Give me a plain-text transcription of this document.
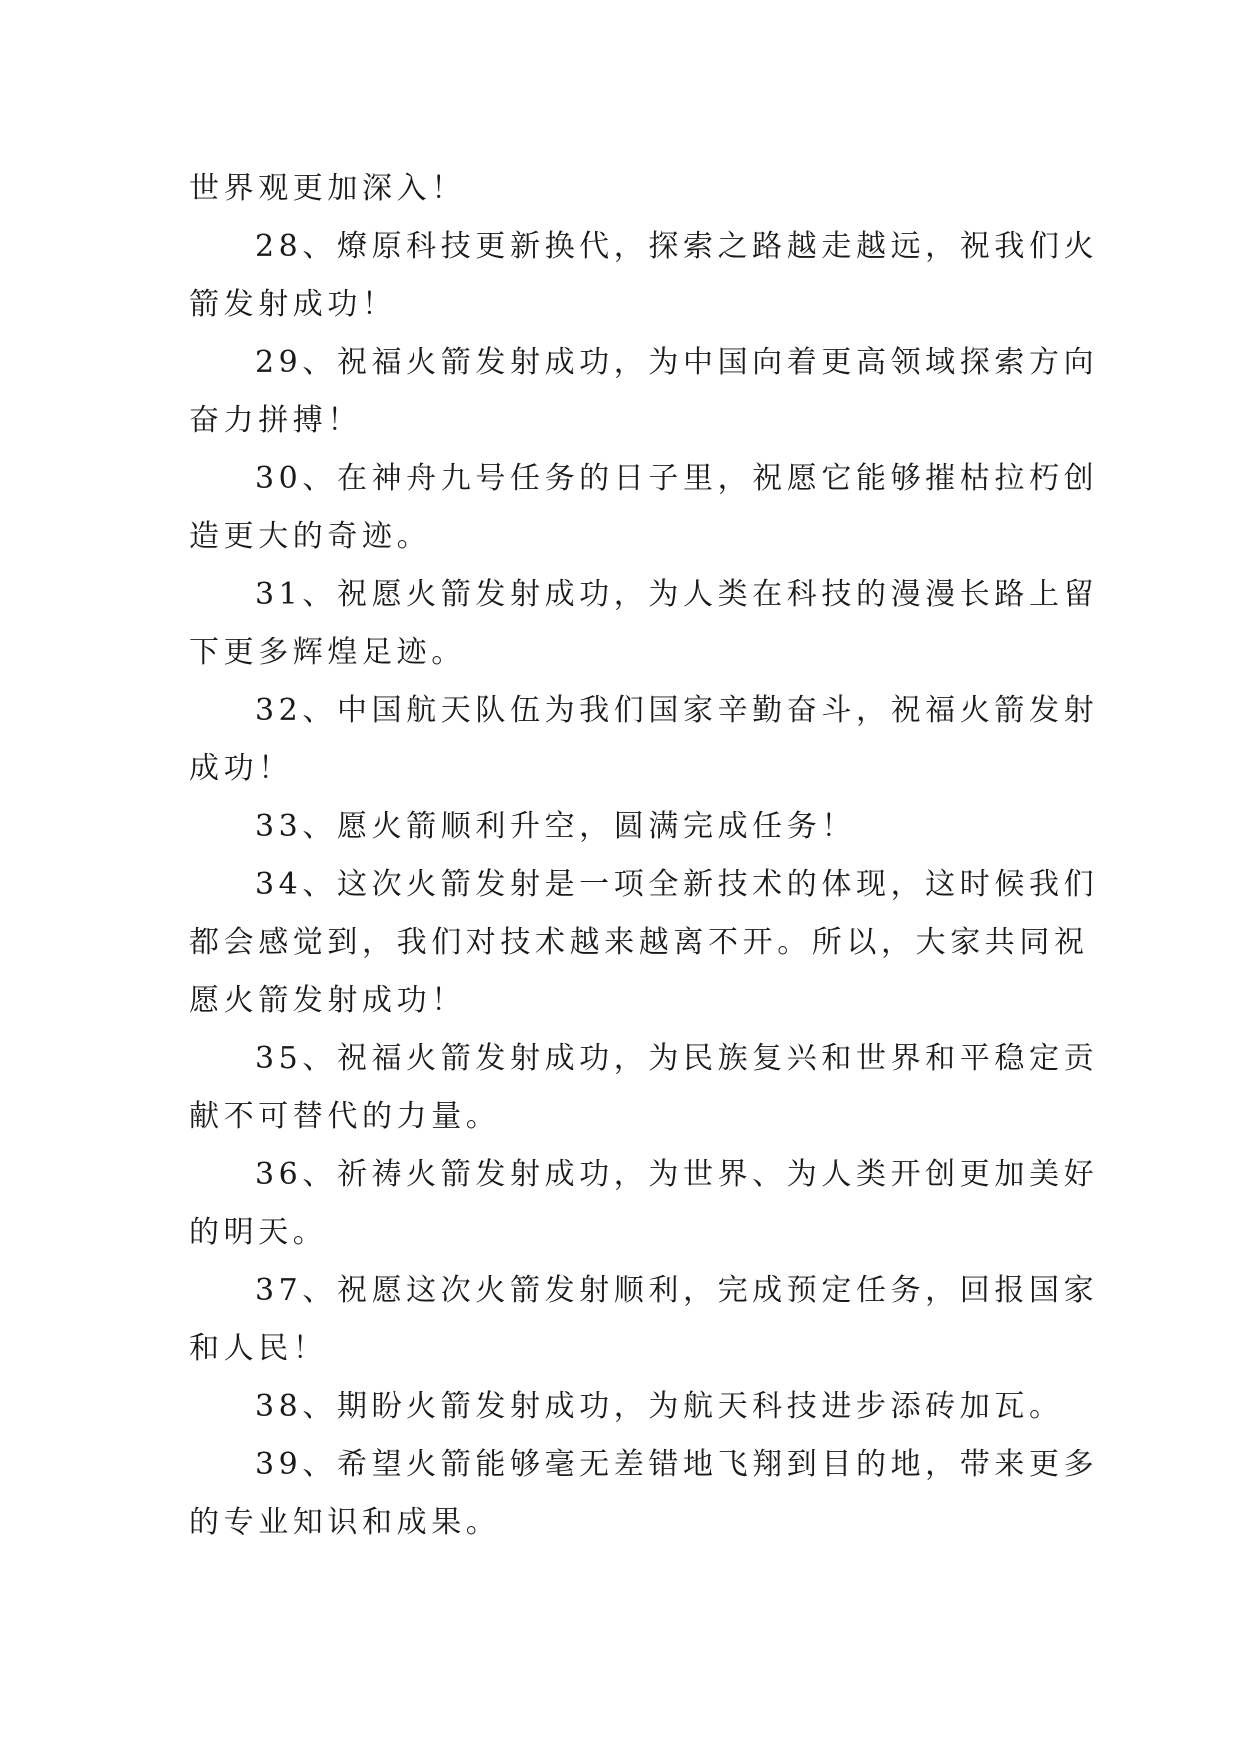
世界观更加深入！
28、燎原科技更新换代，探索之路越走越远，祝我们火
箭发射成功！
29、祝福火箭发射成功，为中国向着更高领域探索方向
奋力拼搏！
30、在神舟九号任务的日子里，祝愿它能够摧枯拉朽创
造更大的奇迹。
31、祝愿火箭发射成功，为人类在科技的漫漫长路上留
下更多辉煌足迹。
32、中国航天队伍为我们国家辛勤奋斗，祝福火箭发射
成功！
33、愿火箭顺利升空，圆满完成任务！
34、这次火箭发射是一项全新技术的体现，这时候我们
都会感觉到，我们对技术越来越离不开。所以，大家共同祝
愿火箭发射成功！
35、祝福火箭发射成功，为民族复兴和世界和平稳定贡
献不可替代的力量。
36、祈祷火箭发射成功，为世界、为人类开创更加美好
的明天。
37、祝愿这次火箭发射顺利，完成预定任务，回报国家
和人民！
38、期盼火箭发射成功，为航天科技进步添砖加瓦。
39、希望火箭能够毫无差错地飞翔到目的地，带来更多
的专业知识和成果。
